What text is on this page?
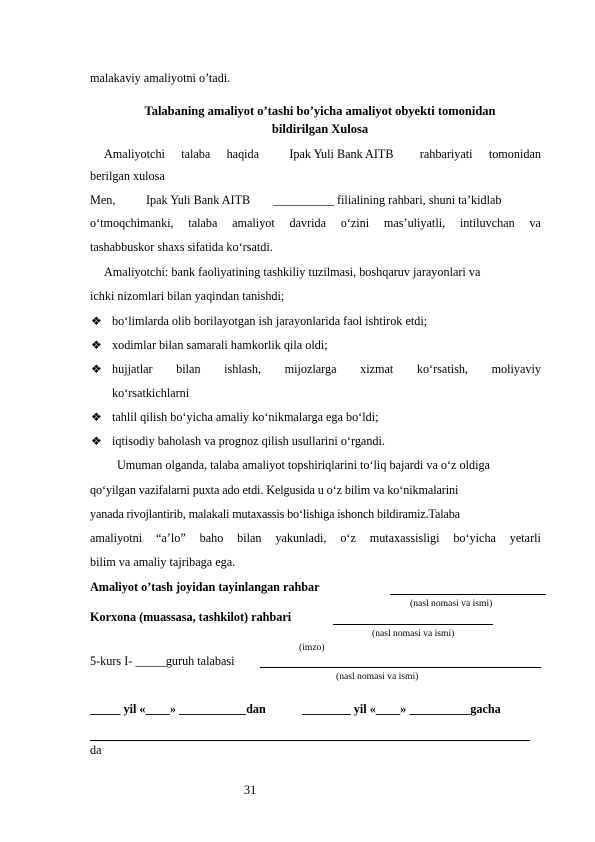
malakaviy amaliyotni o’tadi.
Talabaning amaliyot o’tashi bo’yicha amaliyot obyekti tomonidan
bildirilgan Xulosa
Amaliyotchi talaba haqida Ipak Yuli Bank AITB rahbariyati tomonidan
berilgan xulosa
Men,	Ipak Yuli Bank AITB __________ filialining rahbari, shuni ta’kidlab
o‘tmoqchimanki, talaba amaliyot davrida o‘zini mas’uliyatli, intiluvchan va
tashabbuskor shaxs sifatida ko‘rsatdi.
Amaliyotchi: bank faoliyatining tashkiliy tuzilmasi, boshqaruv jarayonlari va
ichki nizomlari bilan yaqindan tanishdi;
❖ bo‘limlarda olib borilayotgan ish jarayonlarida faol ishtirok etdi;
❖ xodimlar bilan samarali hamkorlik qila oldi;
❖ hujjatlar bilan ishlash, mijozlarga xizmat ko‘rsatish, moliyaviy
ko‘rsatkichlarni
❖ tahlil qilish bo‘yicha amaliy ko‘nikmalarga ega bo‘ldi;
❖ iqtisodiy baholash va prognoz qilish usullarini o‘rgandi.
Umuman olganda, talaba amaliyot topshiriqlarini to‘liq bajardi va o‘z oldiga
qo‘yilgan vazifalarni puxta ado etdi. Kelgusida u o‘z bilim va ko‘nikmalarini
yanada rivojlantirib, malakali mutaxassis bo‘lishiga ishonch bildiramiz.Talaba
amaliyotni “a’lo” baho bilan yakunladi, o‘z mutaxassisligi bo‘yicha yetarli
bilim va amaliy tajribaga ega.
Amaliyot o’tash joyidan tayinlangan rahbar
(nasl nomasi va ismi)
Korxona (muassasa, tashkilot) rahbari
(nasl nomasi va ismi)
(imzo)
5-kurs I- _____guruh talabasi
(nasl nomasi va ismi)
_____ yil «____» ___________dan	________ yil «____» __________gacha
da
31
